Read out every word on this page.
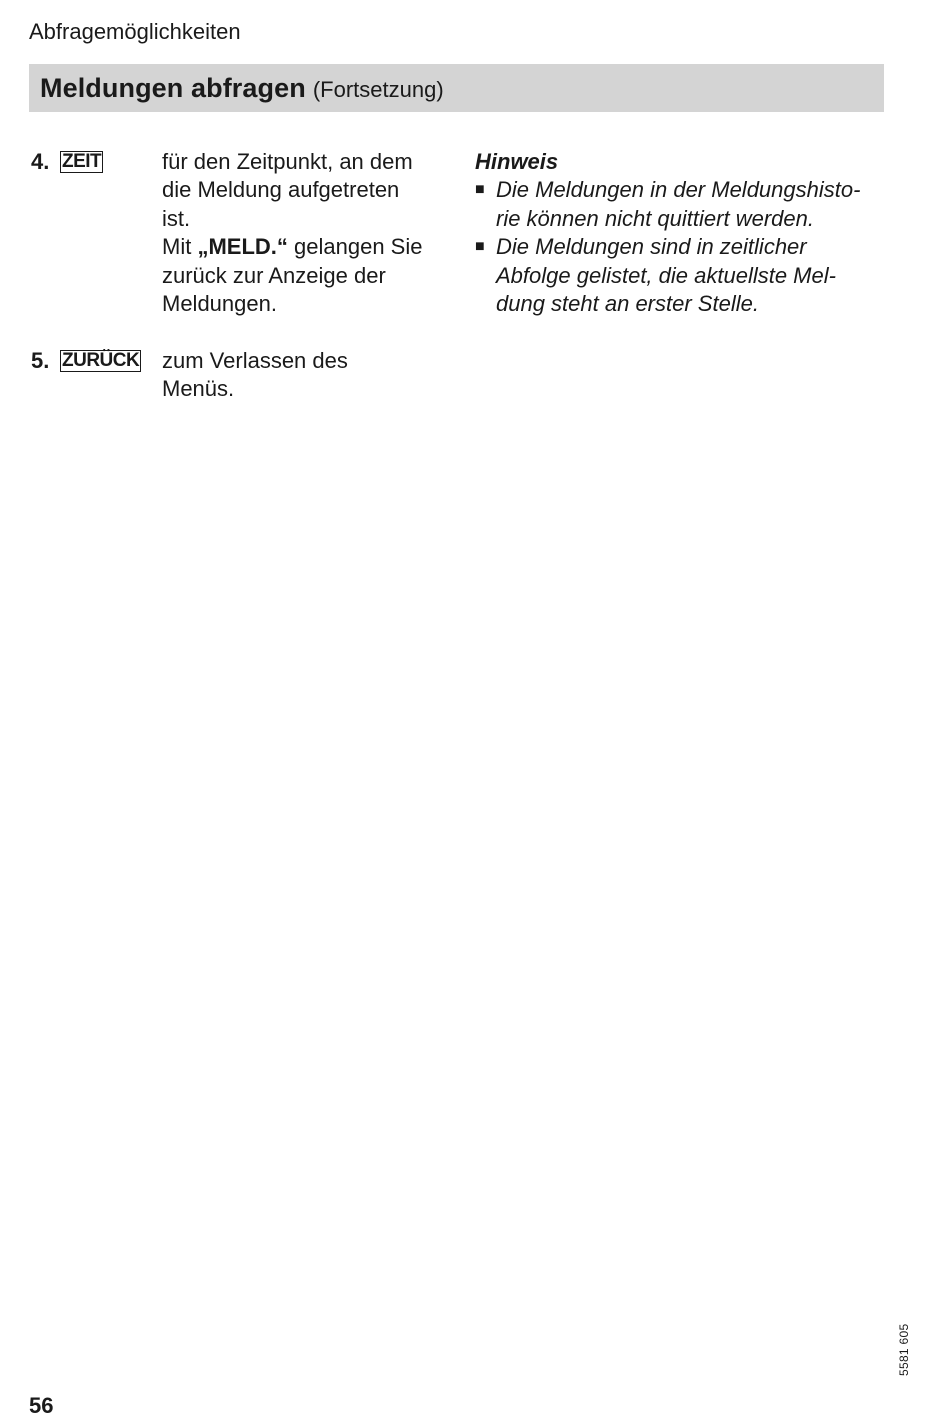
Abfragemöglichkeiten
Meldungen abfragen (Fortsetzung)
4. ZEIT	für den Zeitpunkt, an dem
die Meldung aufgetreten
ist.
Mit „MELD.“ gelangen Sie
zurück zur Anzeige der
Meldungen.
5. ZURÜCK zum Verlassen des
Menüs.
Hinweis
■ Die Meldungen in der Meldungshisto-
rie können nicht quittiert werden.
■ Die Meldungen sind in zeitlicher
Abfolge gelistet, die aktuellste Mel-
dung steht an erster Stelle.
56
5581 605
